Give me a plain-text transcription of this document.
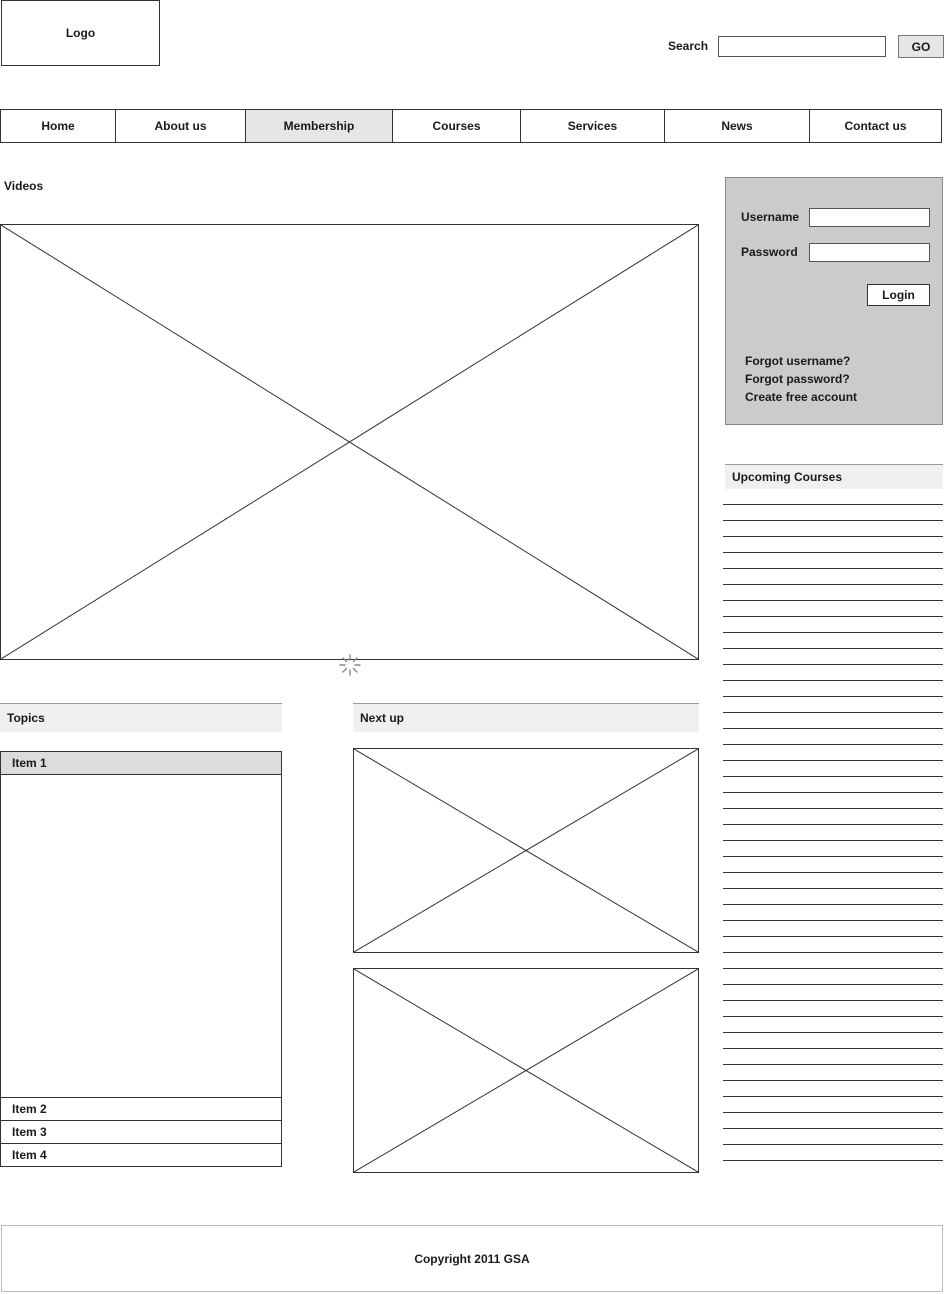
Logo
Search	GO
Home	About us	Membership	Courses	Services	News	Contact us
Videos
Topics
Item 1
Item 2
Item 3
Item 4
Next up
Username
Password
Login
Forgot username?
Forgot password?
Create free account
Upcoming Courses
Copyright 2011 GSA
